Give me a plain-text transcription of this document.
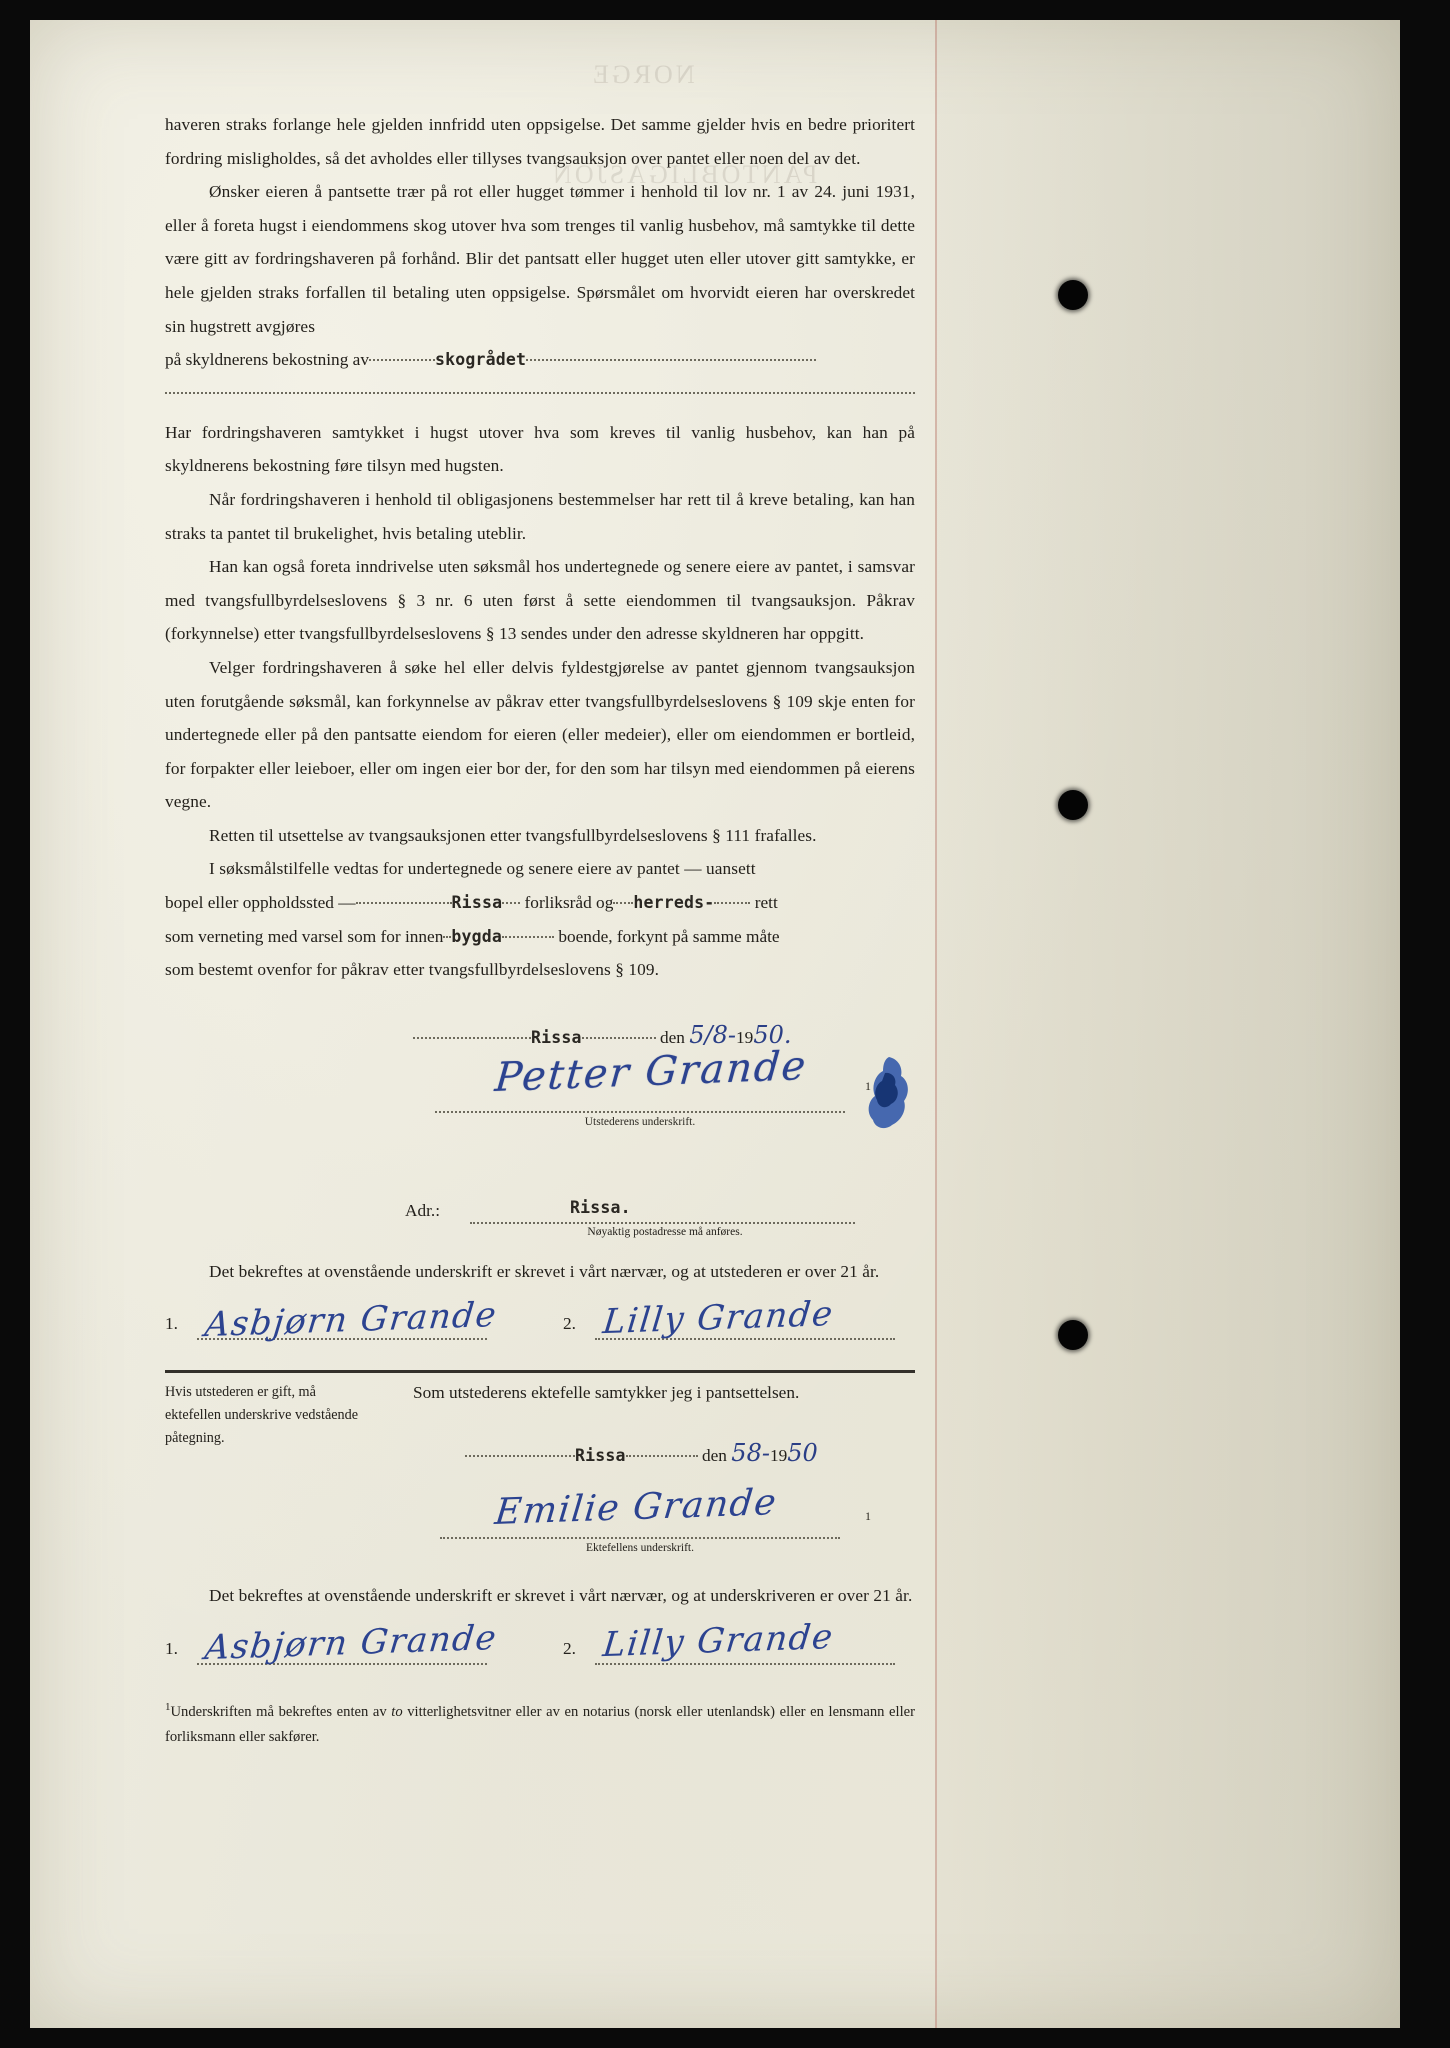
NORGE
PANTOBLIGASJON

haveren straks forlange hele gjelden innfridd uten oppsigelse. Det samme gjelder hvis en bedre prioritert fordring misligholdes, så det avholdes eller tillyses tvangsauksjon over pantet eller noen del av det.

Ønsker eieren å pantsette trær på rot eller hugget tømmer i henhold til lov nr. 1 av 24. juni 1931, eller å foreta hugst i eiendommens skog utover hva som trenges til vanlig husbehov, må samtykke til dette være gitt av fordringshaveren på forhånd. Blir det pantsatt eller hugget uten eller utover gitt samtykke, er hele gjelden straks forfallen til betaling uten oppsigelse. Spørsmålet om hvorvidt eieren har overskredet sin hugstrett avgjøres

på skyldnerens bekostning av	skogrådet

Har fordringshaveren samtykket i hugst utover hva som kreves til vanlig husbehov, kan han på skyldnerens bekostning føre tilsyn med hugsten.

Når fordringshaveren i henhold til obligasjonens bestemmelser har rett til å kreve betaling, kan han straks ta pantet til brukelighet, hvis betaling uteblir.

Han kan også foreta inndrivelse uten søksmål hos undertegnede og senere eiere av pantet, i samsvar med tvangsfullbyrdelseslovens § 3 nr. 6 uten først å sette eiendommen til tvangsauksjon. Påkrav (forkynnelse) etter tvangsfullbyrdelseslovens § 13 sendes under den adresse skyldneren har oppgitt.

Velger fordringshaveren å søke hel eller delvis fyldestgjørelse av pantet gjennom tvangsauksjon uten forutgående søksmål, kan forkynnelse av påkrav etter tvangsfullbyrdelseslovens § 109 skje enten for undertegnede eller på den pantsatte eiendom for eieren (eller medeier), eller om eiendommen er bortleid, for forpakter eller leieboer, eller om ingen eier bor der, for den som har tilsyn med eiendommen på eierens vegne.

Retten til utsettelse av tvangsauksjonen etter tvangsfullbyrdelseslovens § 111 frafalles.

I søksmålstilfelle vedtas for undertegnede og senere eiere av pantet — uansett

bopel eller oppholdssted —	Rissa forliksråd og herreds- rett
som verneting med varsel som for innen bygda	boende, forkynt på samme måte

som bestemt ovenfor for påkrav etter tvangsfullbyrdelseslovens § 109.

Rissa	den 5/8-1950.
Petter Grande	1
Utstederens underskrift.
Adr.:	Rissa.
Nøyaktig postadresse må anføres.

Det bekreftes at ovenstående underskrift er skrevet i vårt nærvær, og at utstederen er over 21 år.

1. Asbjørn Grande	2. Lilly Grande
Hvis utstederen er gift, må ektefellen underskrive vedstående påtegning.
Som utstederens ektefelle samtykker jeg i pantsettelsen.
Rissa	den 58-1950
Emilie Grande	1
Ektefellens underskrift.

Det bekreftes at ovenstående underskrift er skrevet i vårt nærvær, og at underskriveren er over 21 år.

1. Asbjørn Grande	2. Lilly Grande
$^1$Underskriften må bekreftes enten av to vitterlighetsvitner eller av en notarius (norsk eller utenlandsk) eller en lensmann eller forliksmann eller sakfører.
